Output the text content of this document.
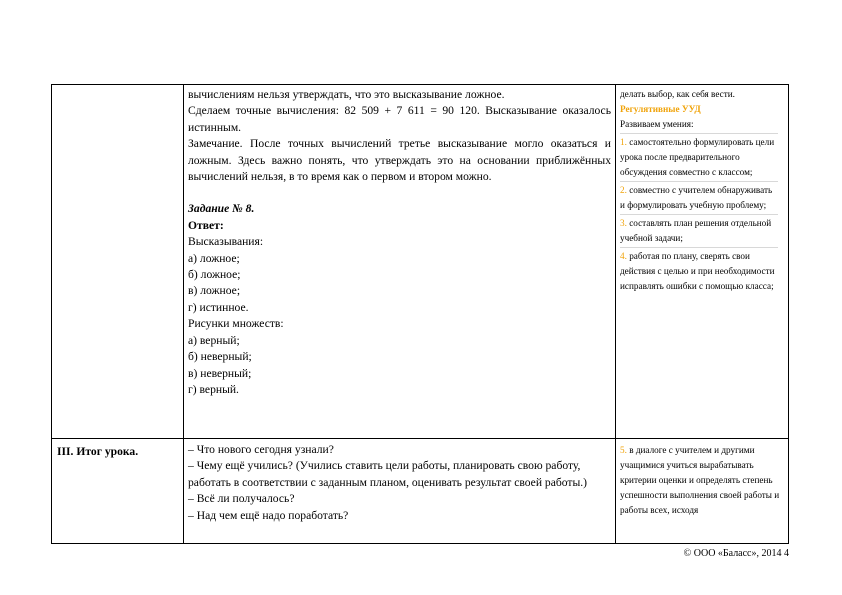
вычислениям нельзя утверждать, что это высказывание ложное.

Сделаем точные вычисления: 82 509 + 7 611 = 90 120. Высказывание оказалось истинным.

Замечание. После точных вычислений третье высказывание могло оказаться и ложным. Здесь важно понять, что утверждать это на основании приближённых вычислений нельзя, в то время как о первом и втором можно.

Задание № 8.

Ответ:

Высказывания:

а) ложное;

б) ложное;

в) ложное;

г) истинное.

Рисунки множеств:

а) верный;

б) неверный;

в) неверный;

г) верный.

делать выбор, как себя вести.

Регулятивные УУД

Развиваем умения:

1. самостоятельно формулировать цели урока после предварительного обсуждения совместно с классом;

2. совместно с учителем обнаруживать и формулировать учебную проблему;

3. составлять план решения отдельной учебной задачи;

4. работая по плану, сверять свои действия с целью и при необходимости исправлять ошибки с помощью класса;

III. Итог урока.	– Что нового сегодня узнали?

– Чему ещё учились? (Учились ставить цели работы, планировать свою работу, работать в соответствии с заданным планом, оценивать результат своей работы.)

– Всё ли получалось?

– Над чем ещё надо поработать?

5. в диалоге с учителем и другими учащимися учиться вырабатывать критерии оценки и определять степень успешности выполнения своей работы и работы всех, исходя

© ООО «Баласс», 2014 4
